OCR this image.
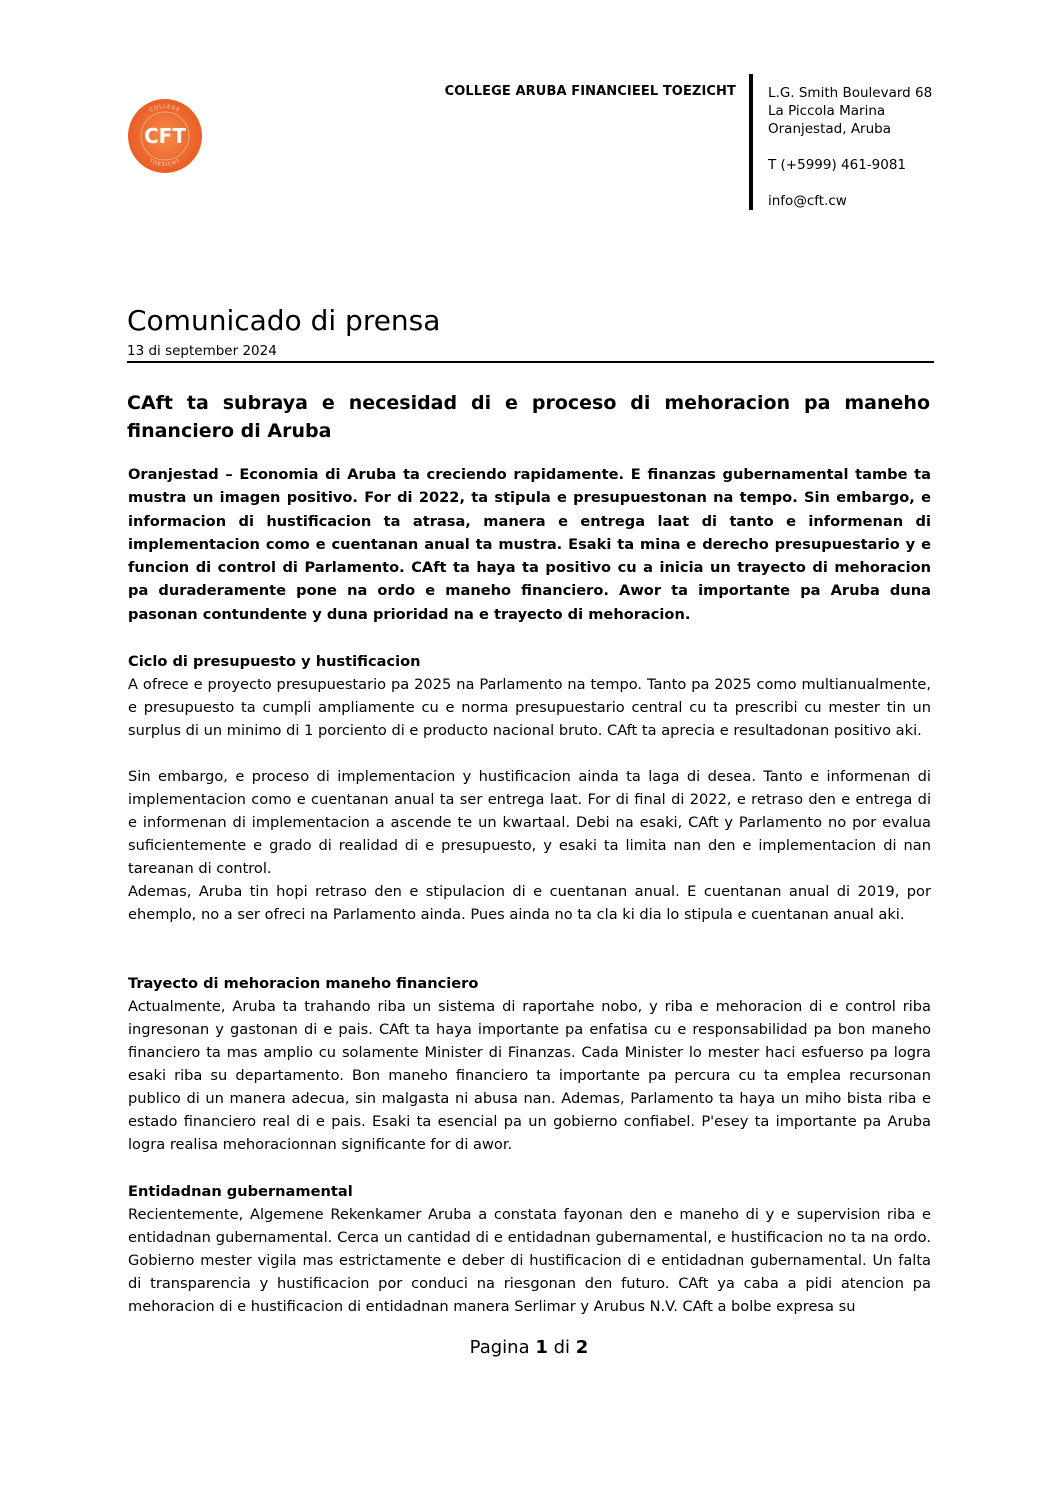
COLLEGE
TOEZICHT
CFT
COLLEGE ARUBA FINANCIEEL TOEZICHT L.G. Smith Boulevard 68
La Piccola Marina
Oranjestad, Aruba
T (+5999) 461-9081
info@cft.cw
Comunicado di prensa
13 di september 2024
CAft ta subraya e necesidad di e proceso di mehoracion pa maneho financiero di Aruba

Oranjestad – Economia di Aruba ta creciendo rapidamente. E finanzas gubernamental tambe ta mustra un imagen positivo. For di 2022, ta stipula e presupuestonan na tempo. Sin embargo, e informacion di hustificacion ta atrasa, manera e entrega laat di tanto e informenan di implementacion como e cuentanan anual ta mustra. Esaki ta mina e derecho presupuestario y e funcion di control di Parlamento. CAft ta haya ta positivo cu a inicia un trayecto di mehoracion pa duraderamente pone na ordo e maneho financiero. Awor ta importante pa Aruba duna pasonan contundente y duna prioridad na e trayecto di mehoracion.

Ciclo di presupuesto y hustificacion

A ofrece e proyecto presupuestario pa 2025 na Parlamento na tempo. Tanto pa 2025 como multianualmente, e presupuesto ta cumpli ampliamente cu e norma presupuestario central cu ta prescribi cu mester tin un surplus di un minimo di 1 porciento di e producto nacional bruto. CAft ta aprecia e resultadonan positivo aki.

Sin embargo, e proceso di implementacion y hustificacion ainda ta laga di desea. Tanto e informenan di implementacion como e cuentanan anual ta ser entrega laat. For di final di 2022, e retraso den e entrega di e informenan di implementacion a ascende te un kwartaal. Debi na esaki, CAft y Parlamento no por evalua suficientemente e grado di realidad di e presupuesto, y esaki ta limita nan den e implementacion di nan tareanan di control.

Ademas, Aruba tin hopi retraso den e stipulacion di e cuentanan anual. E cuentanan anual di 2019, por ehemplo, no a ser ofreci na Parlamento ainda. Pues ainda no ta cla ki dia lo stipula e cuentanan anual aki.

Trayecto di mehoracion maneho financiero

Actualmente, Aruba ta trahando riba un sistema di raportahe nobo, y riba e mehoracion di e control riba ingresonan y gastonan di e pais. CAft ta haya importante pa enfatisa cu e responsabilidad pa bon maneho financiero ta mas amplio cu solamente Minister di Finanzas. Cada Minister lo mester haci esfuerso pa logra esaki riba su departamento. Bon maneho financiero ta importante pa percura cu ta emplea recursonan publico di un manera adecua, sin malgasta ni abusa nan. Ademas, Parlamento ta haya un miho bista riba e estado financiero real di e pais. Esaki ta esencial pa un gobierno confiabel. P'esey ta importante pa Aruba logra realisa mehoracionnan significante for di awor.

Entidadnan gubernamental

Recientemente, Algemene Rekenkamer Aruba a constata fayonan den e maneho di y e supervision riba e entidadnan gubernamental. Cerca un cantidad di e entidadnan gubernamental, e hustificacion no ta na ordo. Gobierno mester vigila mas estrictamente e deber di hustificacion di e entidadnan gubernamental. Un falta di transparencia y hustificacion por conduci na riesgonan den futuro. CAft ya caba a pidi atencion pa mehoracion di e hustificacion di entidadnan manera Serlimar y Arubus N.V. CAft a bolbe expresa su

Pagina 1 di 2
